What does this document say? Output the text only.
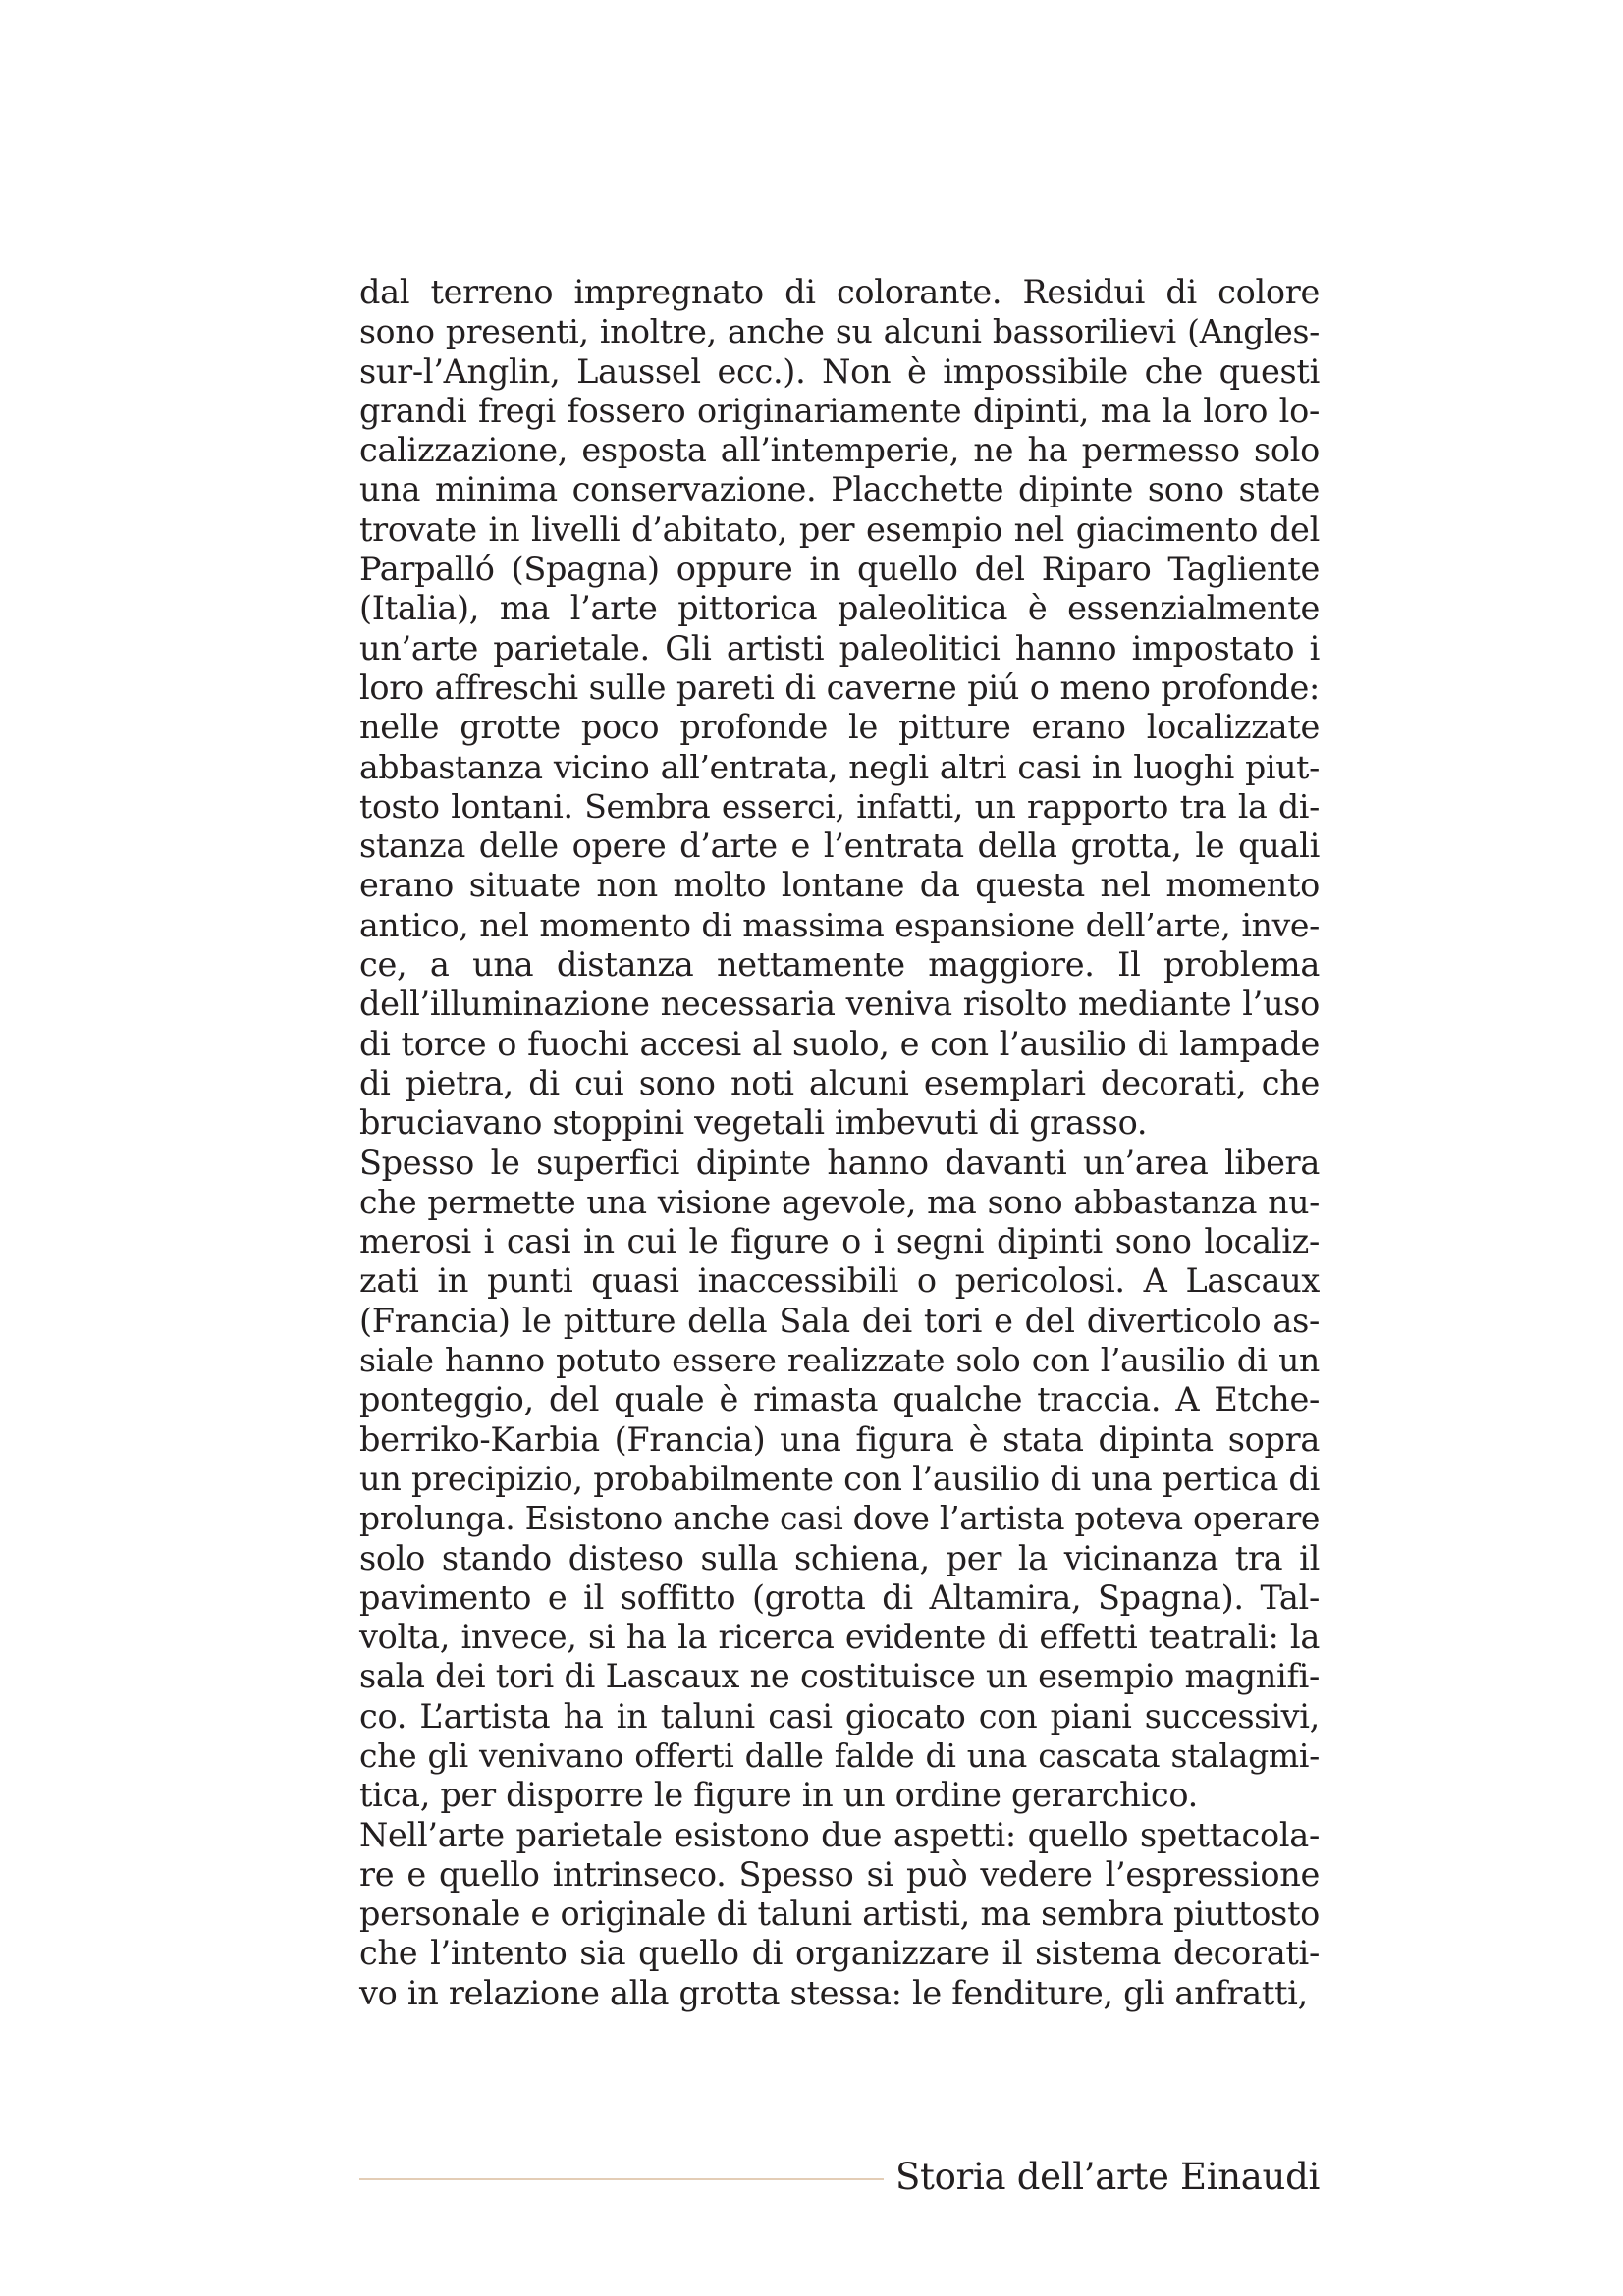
dal terreno impregnato di colorante. Residui di colore
sono presenti, inoltre, anche su alcuni bassorilievi (Angles-
sur-l’Anglin, Laussel ecc.). Non è impossibile che questi
grandi fregi fossero originariamente dipinti, ma la loro lo-
calizzazione, esposta all’intemperie, ne ha permesso solo
una minima conservazione. Placchette dipinte sono state
trovate in livelli d’abitato, per esempio nel giacimento del
Parpalló (Spagna) oppure in quello del Riparo Tagliente
(Italia), ma l’arte pittorica paleolitica è essenzialmente
un’arte parietale. Gli artisti paleolitici hanno impostato i
loro affreschi sulle pareti di caverne piú o meno profonde:
nelle grotte poco profonde le pitture erano localizzate
abbastanza vicino all’entrata, negli altri casi in luoghi piut-
tosto lontani. Sembra esserci, infatti, un rapporto tra la di-
stanza delle opere d’arte e l’entrata della grotta, le quali
erano situate non molto lontane da questa nel momento
antico, nel momento di massima espansione dell’arte, inve-
ce, a una distanza nettamente maggiore. Il problema
dell’illuminazione necessaria veniva risolto mediante l’uso
di torce o fuochi accesi al suolo, e con l’ausilio di lampade
di pietra, di cui sono noti alcuni esemplari decorati, che
bruciavano stoppini vegetali imbevuti di grasso.
Spesso le superfici dipinte hanno davanti un’area libera
che permette una visione agevole, ma sono abbastanza nu-
merosi i casi in cui le figure o i segni dipinti sono localiz-
zati in punti quasi inaccessibili o pericolosi. A Lascaux
(Francia) le pitture della Sala dei tori e del diverticolo as-
siale hanno potuto essere realizzate solo con l’ausilio di un
ponteggio, del quale è rimasta qualche traccia. A Etche-
berriko-Karbia (Francia) una figura è stata dipinta sopra
un precipizio, probabilmente con l’ausilio di una pertica di
prolunga. Esistono anche casi dove l’artista poteva operare
solo stando disteso sulla schiena, per la vicinanza tra il
pavimento e il soffitto (grotta di Altamira, Spagna). Tal-
volta, invece, si ha la ricerca evidente di effetti teatrali: la
sala dei tori di Lascaux ne costituisce un esempio magnifi-
co. L’artista ha in taluni casi giocato con piani successivi,
che gli venivano offerti dalle falde di una cascata stalagmi-
tica, per disporre le figure in un ordine gerarchico.
Nell’arte parietale esistono due aspetti: quello spettacola-
re e quello intrinseco. Spesso si può vedere l’espressione
personale e originale di taluni artisti, ma sembra piuttosto
che l’intento sia quello di organizzare il sistema decorati-
vo in relazione alla grotta stessa: le fenditure, gli anfratti,
Storia dell’arte Einaudi
